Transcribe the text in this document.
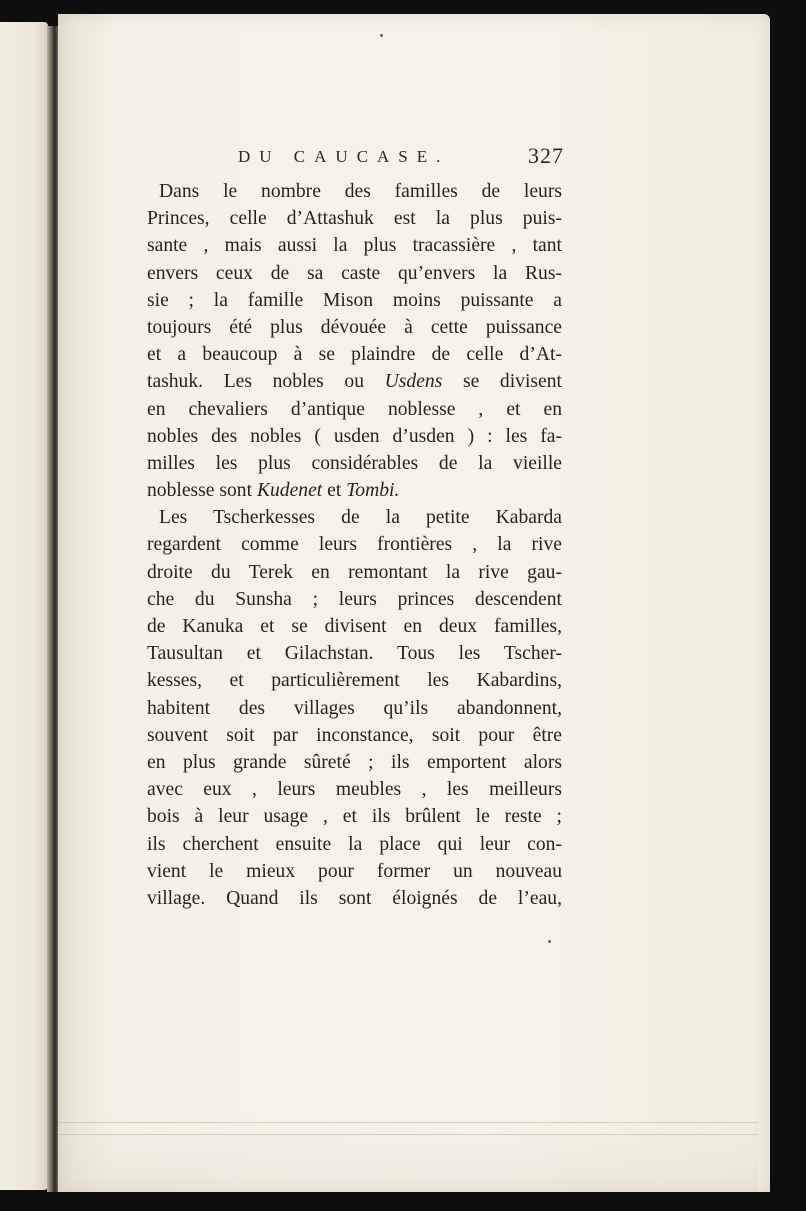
DU CAUCASE.	327
Dans le nombre des familles de leurs
Princes, celle d’Attashuk est la plus puis-
sante , mais aussi la plus tracassière , tant
envers ceux de sa caste qu’envers la Rus-
sie ; la famille Mison moins puissante a
toujours été plus dévouée à cette puissance
et a beaucoup à se plaindre de celle d’At-
tashuk. Les nobles ou Usdens se divisent
en chevaliers d’antique noblesse , et en
nobles des nobles ( usden d’usden ) : les fa-
milles les plus considérables de la vieille
noblesse sont Kudenet et Tombi.
Les Tscherkesses de la petite Kabarda
regardent comme leurs frontières , la rive
droite du Terek en remontant la rive gau-
che du Sunsha ; leurs princes descendent
de Kanuka et se divisent en deux familles,
Tausultan et Gilachstan. Tous les Tscher-
kesses, et particulièrement les Kabardins,
habitent des villages qu’ils abandonnent,
souvent soit par inconstance, soit pour être
en plus grande sûreté ; ils emportent alors
avec eux , leurs meubles , les meilleurs
bois à leur usage , et ils brûlent le reste ;
ils cherchent ensuite la place qui leur con-
vient le mieux pour former un nouveau
village. Quand ils sont éloignés de l’eau,
